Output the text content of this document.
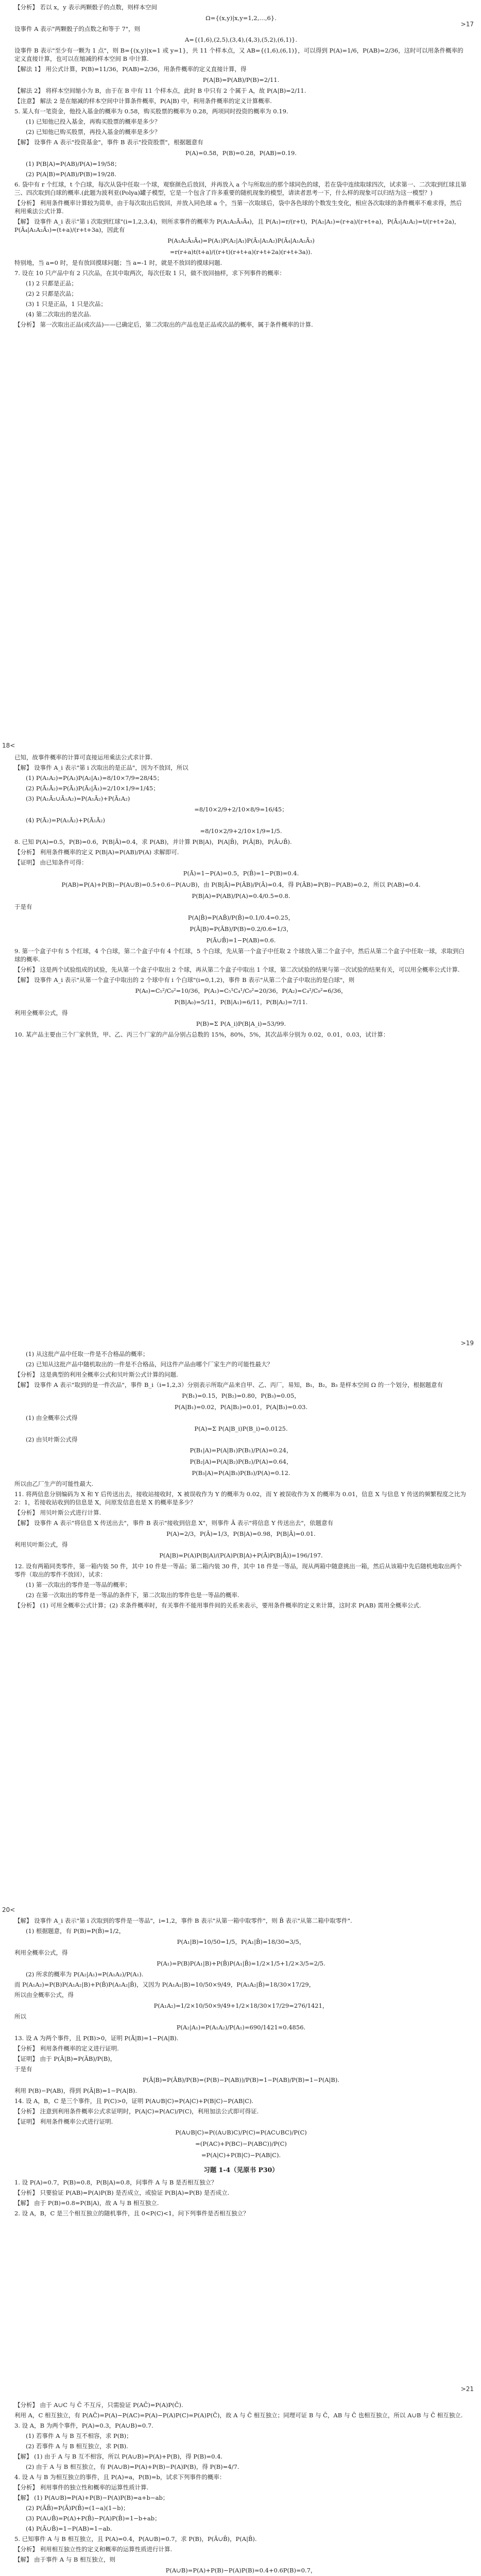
>17
18<
>19
20<
>21

【分析】 若以 x，y 表示两颗骰子的点数，则样本空间

Ω={(x,y)|x,y=1,2,…,6}.

设事件 A 表示"两颗骰子的点数之和等于 7"，则

A={(1,6),(2,5),(3,4),(4,3),(5,2),(6,1)}.

设事件 B 表示"至少有一颗为 1 点"，则 B={(x,y)|x=1 或 y=1}，共 11 个样本点，又 AB={(1,6),(6,1)}，可以得到 P(A)=1/6，P(AB)=2/36，这时可以用条件概率的定义直接计算，也可以在缩减的样本空间 B 中计算.

【解法 1】 用公式计算，P(B)=11/36，P(AB)=2/36，用条件概率的定义直接计算，得

P(A|B)=P(AB)/P(B)=2/11.

【解法 2】 将样本空间缩小为 B，由于在 B 中有 11 个样本点，此时 B 中只有 2 个属于 A，故 P(A|B)=2/11.

【注意】 解法 2 是在缩减的样本空间中计算条件概率，P(A|B) 中，利用条件概率的定义计算概率.

5. 某人有一笔资金，他投入基金的概率为 0.58，购买股票的概率为 0.28，两项同时投资的概率为 0.19.

(1) 已知他已投入基金，再购买股票的概率是多少？

(2) 已知他已购买股票，再投入基金的概率是多少？

【解】 设事件 A 表示"投资基金"，事件 B 表示"投资股票"，根据题意有

P(A)=0.58，P(B)=0.28，P(AB)=0.19.

(1) P(B|A)=P(AB)/P(A)=19/58；

(2) P(A|B)=P(AB)/P(B)=19/28.

6. 袋中有 r 个红球，t 个白球，每次从袋中任取一个球，观察颜色后放回，并再放入 a 个与所取出的那个球同色的球，若在袋中连续取球四次，试求第一、二次取到红球且第三、四次取到白球的概率.(此题为波利亚(Polya)罐子模型，它是一个包含了许多重要的随机现象的模型，请读者思考一下，什么样的现象可以归结为这一模型？)

【分析】 利用条件概率计算较为简单，由于每次取出后放回，并放入同色球 a 个，当第一次取球后，袋中各色球的个数发生变化，相应各次取球的条件概率不难求得，然后利用乘法公式计算.

【解】 设事件 A_i 表示"第 i 次取到红球"(i=1,2,3,4)，则所求事件的概率为 P(A₁A₂Ā₃Ā₄)，且 P(A₁)=r/(r+t)，P(A₂|A₁)=(r+a)/(r+t+a)，P(Ā₃|A₁A₂)=t/(r+t+2a)，P(Ā₄|A₁A₂Ā₃)=(t+a)/(r+t+3a)，因此有

P(A₁A₂Ā₃Ā₄)=P(A₁)P(A₂|A₁)P(Ā₃|A₁A₂)P(Ā₄|A₁A₂Ā₃)

=r(r+a)t(t+a)/((r+t)(r+t+a)(r+t+2a)(r+t+3a)).

特别地，当 a=0 时，是有放回摸球问题；当 a=-1 时，就是不放回的摸球问题.

7. 设在 10 只产品中有 2 只次品，在其中取两次，每次任取 1 只，做不放回抽样，求下列事件的概率：

(1) 2 只都是正品；

(2) 2 只都是次品；

(3) 1 只是正品，1 只是次品；

(4) 第二次取出的是次品.

【分析】 第一次取出正品(或次品)——已确定后，第二次取出的产品也是正品或次品的概率，属于条件概率的计算.

已知，故事件概率的计算可直接运用乘法公式求计算.

【解】 设事件 A_i 表示"第 i 次取出的是正品"，因为不放回，所以

(1) P(A₁A₂)=P(A₁)P(A₂|A₁)=8/10×7/9=28/45；

(2) P(Ā₁Ā₂)=P(Ā₁)P(Ā₂|Ā₁)=2/10×1/9=1/45；

(3) P(A₁Ā₂∪Ā₁A₂)=P(A₁Ā₂)+P(Ā₁A₂)

=8/10×2/9+2/10×8/9=16/45；

(4) P(Ā₂)=P(A₁Ā₂)+P(Ā₁Ā₂)

=8/10×2/9+2/10×1/9=1/5.

8. 已知 P(A)=0.5，P(B)=0.6，P(B|Ā)=0.4，求 P(AB)，并计算 P(B|A)，P(A|B̄)，P(Ā|B)，P(Ā∪B̄).

【分析】 利用条件概率的定义 P(B|A)=P(AB)/P(A) 求解即可.

【证明】 由已知条件可得：

P(Ā)=1−P(A)=0.5，P(B̄)=1−P(B)=0.4.

P(AB)=P(A)+P(B)−P(A∪B)=0.5+0.6−P(A∪B)，由 P(B|Ā)=P(ĀB)/P(Ā)=0.4，得 P(ĀB)=P(B)−P(AB)=0.2，所以 P(AB)=0.4.

P(B|A)=P(AB)/P(A)=0.4/0.5=0.8.

于是有

P(A|B̄)=P(AB̄)/P(B̄)=0.1/0.4=0.25，

P(Ā|B)=P(ĀB)/P(B)=0.2/0.6=1/3，

P(Ā∪B̄)=1−P(AB)=0.6.

9. 第一个盒子中有 5 个红球，4 个白球，第二个盒子中有 4 个红球，5 个白球，先从第一个盒子中任取 2 个球放入第二个盒子中，然后从第二个盒子中任取一球，求取到白球的概率.

【分析】 这是两个试验组成的试验，先从第一个盒子中取出 2 个球，再从第二个盒子中取出 1 个球，第二次试验的结果与第一次试验的结果有关，可以用全概率公式计算.

【解】 设事件 A_i 表示"从第一个盒子中取出的 2 个球中有 i 个白球"(i=0,1,2)，事件 B 表示"从第二个盒子中取出的是白球"，则

P(A₀)=C₅²/C₉²=10/36，P(A₁)=C₅¹C₄¹/C₉²=20/36，P(A₂)=C₄²/C₉²=6/36，

P(B|A₀)=5/11，P(B|A₁)=6/11，P(B|A₂)=7/11.

利用全概率公式，得

P(B)=Σ P(A_i)P(B|A_i)=53/99.

10. 某产品主要由三个厂家供货，甲、乙、丙三个厂家的产品分别占总数的 15%，80%，5%，其次品率分别为 0.02，0.01，0.03，试计算：

(1) 从这批产品中任取一件是不合格品的概率；

(2) 已知从这批产品中随机取出的一件是不合格品，问这件产品由哪个厂家生产的可能性最大？

【分析】 这是典型的利用全概率公式和贝叶斯公式计算的问题.

【解】 设事件 A 表示"取到的是一件次品"，事件 B_i（i=1,2,3）分别表示所取产品来自甲、乙、丙厂，易知，B₁，B₂，B₃ 是样本空间 Ω 的一个划分，根据题意有

P(B₁)=0.15，P(B₂)=0.80，P(B₃)=0.05，

P(A|B₁)=0.02，P(A|B₂)=0.01，P(A|B₃)=0.03.

(1) 由全概率公式得

P(A)=Σ P(A|B_i)P(B_i)=0.0125.

(2) 由贝叶斯公式得

P(B₁|A)=P(A|B₁)P(B₁)/P(A)=0.24，

P(B₂|A)=P(A|B₂)P(B₂)/P(A)=0.64，

P(B₃|A)=P(A|B₃)P(B₃)/P(A)=0.12.

所以由乙厂生产的可能性最大.

11. 将两信息分别编码为 X 和 Y 后传送出去，接收站接收时，X 被误收作为 Y 的概率为 0.02，而 Y 被误收作为 X 的概率为 0.01，信息 X 与信息 Y 传送的频繁程度之比为 2：1，若接收站收到的信息是 X，问原发信息也是 X 的概率是多少？

【分析】 用贝叶斯公式进行计算.

【解】 设事件 A 表示"将信息 X 传送出去"，事件 B 表示"接收到信息 X"，则事件 Ā 表示"将信息 Y 传送出去"，依题意有

P(A)=2/3，P(Ā)=1/3，P(B|A)=0.98，P(B|Ā)=0.01.

利用贝叶斯公式，得

P(A|B)=P(A)P(B|A)/(P(A)P(B|A)+P(Ā)P(B|Ā))=196/197.

12. 设有两箱同类零件，第一箱内装 50 件，其中 10 件是一等品；第二箱内装 30 件，其中 18 件是一等品，现从两箱中随意挑出一箱，然后从该箱中先后随机地取出两个零件（取出的零件不放回），试求：

(1) 第一次取出的零件是一等品的概率；

(2) 在第一次取出的零件是一等品的条件下，第二次取出的零件也是一等品的概率.

【分析】 (1) 可用全概率公式计算；(2) 求条件概率时，有关事件不能用事件间的关系来表示，要用条件概率的定义来计算，这时求 P(AB) 需用全概率公式.

【解】 设事件 A_i 表示"第 i 次取到的零件是一等品"，i=1,2，事件 B 表示"从第一箱中取零件"，则 B̄ 表示"从第二箱中取零件".

(1) 根据题意，有 P(B)=P(B̄)=1/2，

P(A₁|B)=10/50=1/5，P(A₁|B̄)=18/30=3/5，

利用全概率公式，得

P(A₁)=P(B)P(A₁|B)+P(B̄)P(A₁|B̄)=1/2×1/5+1/2×3/5=2/5.

(2) 所求的概率为 P(A₂|A₁)=P(A₁A₂)/P(A₁).

而 P(A₁A₂)=P(B)P(A₁A₂|B)+P(B̄)P(A₁A₂|B̄)，又因为 P(A₁A₂|B)=10/50×9/49，P(A₁A₂|B̄)=18/30×17/29，

所以由全概率公式，得

P(A₁A₂)=1/2×10/50×9/49+1/2×18/30×17/29=276/1421，

所以

P(A₂|A₁)=P(A₁A₂)/P(A₁)=690/1421≈0.4856.

13. 设 A 为两个事件，且 P(B)>0，证明 P(Ā|B)=1−P(A|B).

【分析】 利用条件概率的定义进行证明.

【证明】 由于 P(Ā|B)=P(ĀB)/P(B)，

于是有

P(Ā|B)=P(ĀB)/P(B)=(P(B)−P(AB))/P(B)=1−P(AB)/P(B)=1−P(A|B).

利用 P(B)−P(AB)，得到 P(Ā|B)=1−P(A|B).

14. 设 A，B，C 是三个事件，且 P(C)>0，证明 P(A∪B|C)=P(A|C)+P(B|C)−P(AB|C).

【分析】 注意到利用条件概率公式求证明时，P(A|C)=P(AC)/P(C)，利用加法公式即可得证.

【证明】 利用条件概率公式进行证明.

P(A∪B|C)=P((A∪B)C)/P(C)=P(AC∪BC)/P(C)

=(P(AC)+P(BC)−P(ABC))/P(C)

=P(A|C)+P(B|C)−P(AB|C).

习题 1-4（见原书 P30）

1. 设 P(A)=0.7，P(B)=0.8，P(B|A)=0.8，问事件 A 与 B 是否相互独立？

【分析】 只要验证 P(AB)=P(A)P(B) 是否成立，或验证 P(B|A)=P(B) 是否成立.

【解】 由于 P(B)=0.8=P(B|A)，故 A 与 B 相互独立.

2. 设 A，B，C 是三个相互独立的随机事件，且 0<P(C)<1，问下列事件是否相互独立？

【分析】 由于 A∪C 与 C̄ 不互斥，只需验证 P(AC̄)=P(A)P(C̄).

利用 A，C 相互独立，有 P(AC̄)=P(A)−P(AC)=P(A)−P(A)P(C)=P(A)P(C̄)，故 A 与 C̄ 相互独立；同理可证 B 与 C̄，AB 与 C̄ 也相互独立，所以 A∪B 与 C̄ 相互独立.

3. 设 A，B 为两个事件，P(A)=0.3，P(A∪B)=0.7.

(1) 若事件 A 与 B 互不相容，求 P(B)；

(2) 若事件 A 与 B 相互独立，求 P(B).

【解】 (1) 由于 A 与 B 互不相容，所以 P(A∪B)=P(A)+P(B)，得 P(B)=0.4.

(2) 由于 A 与 B 相互独立，有 P(A∪B)=P(A)+P(B)−P(A)P(B)，得 P(B)=4/7.

4. 设 A 与 B 为相互独立的事件，且 P(A)=a，P(B)=b，试求下列事件的概率：

【分析】 利用事件的独立性和概率的运算性质计算.

【解】 (1) P(A∪B)=P(A)+P(B)−P(A)P(B)=a+b−ab；

(2) P(ĀB̄)=P(Ā)P(B̄)=(1−a)(1−b)；

(3) P(A∪B̄)=P(A)+P(B̄)−P(A)P(B̄)=1−b+ab；

(4) P(Ā∪B̄)=1−P(AB)=1−ab.

5. 已知事件 A 与 B 相互独立，且 P(A)=0.4，P(A∪B)=0.7，求 P(B)，P(Ā∪B̄)，P(A|B̄).

【分析】 利用相互独立性的定义和概率的运算性质进行计算.

【解】 由于事件 A 与 B 相互独立，则

P(A∪B)=P(A)+P(B)−P(A)P(B)=0.4+0.6P(B)=0.7，
